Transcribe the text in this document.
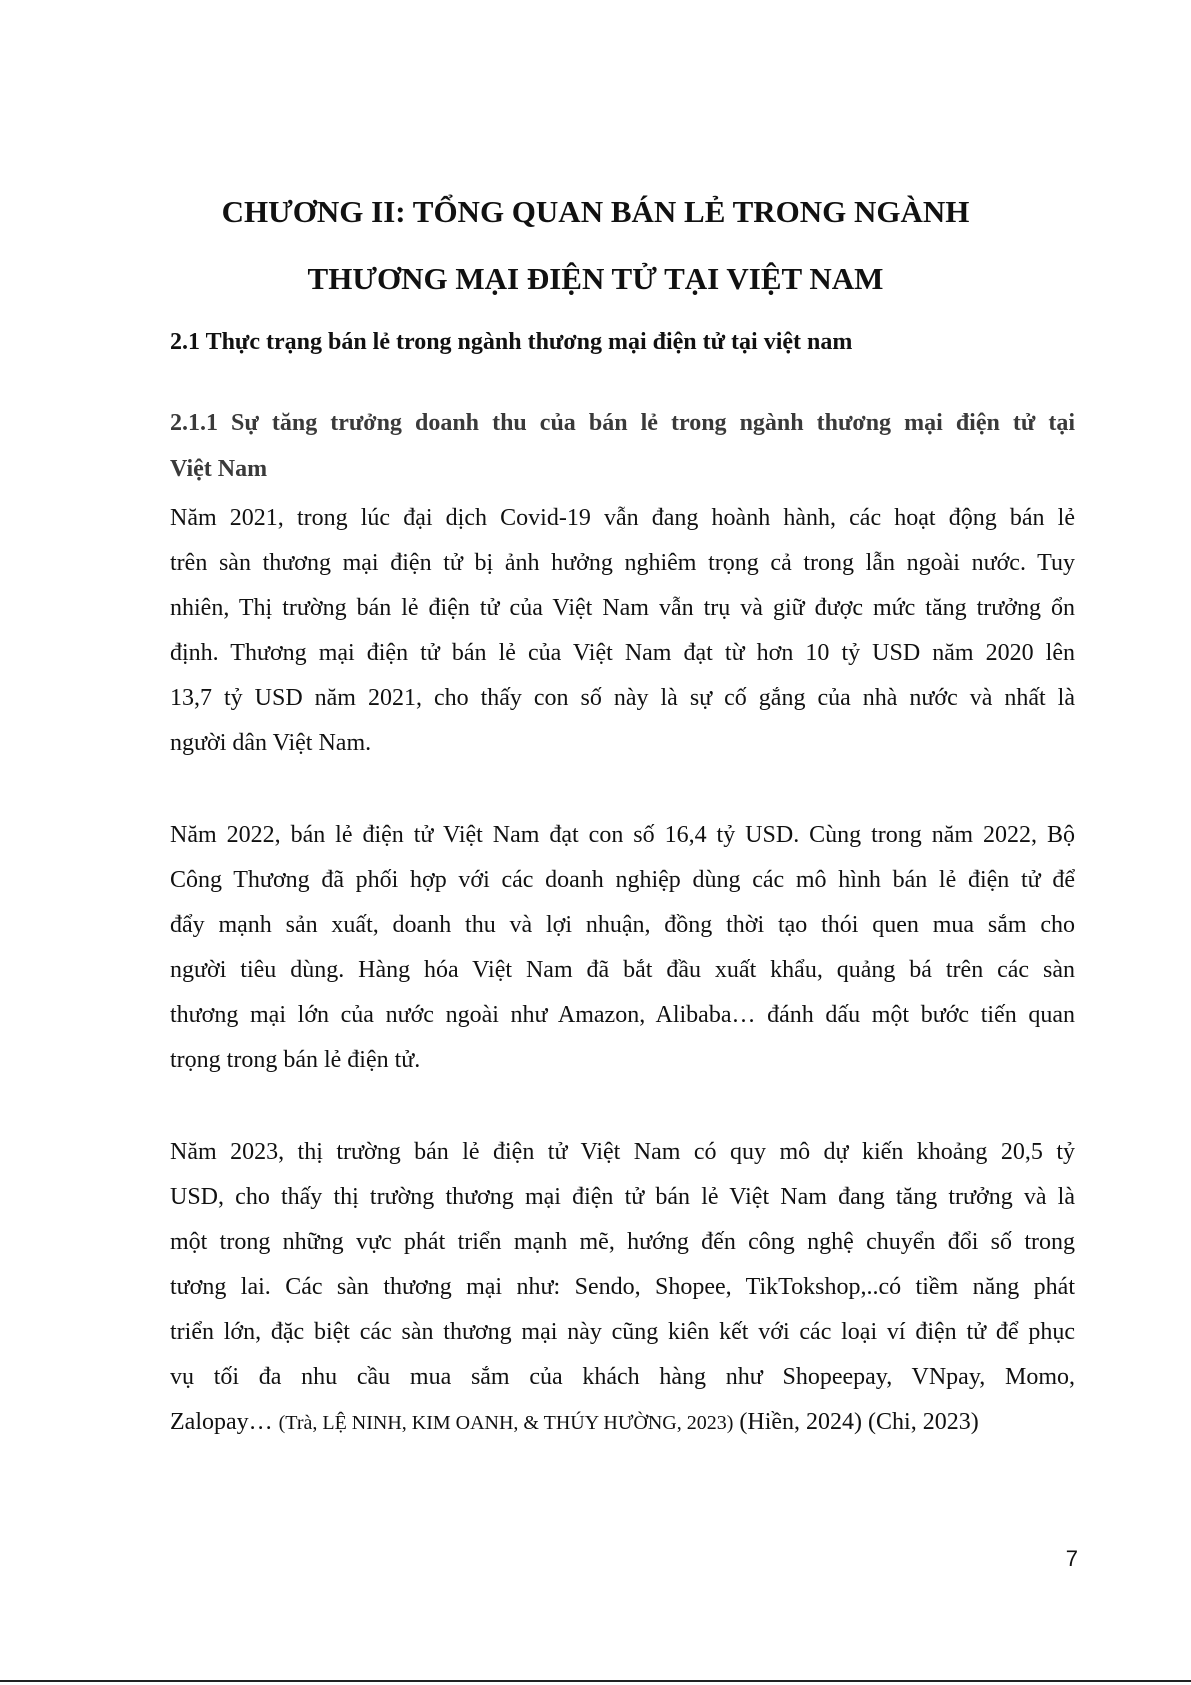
CHƯƠNG II: TỔNG QUAN BÁN LẺ TRONG NGÀNH
THƯƠNG MẠI ĐIỆN TỬ TẠI VIỆT NAM
2.1 Thực trạng bán lẻ trong ngành thương mại điện tử tại việt nam
2.1.1 Sự tăng trưởng doanh thu của bán lẻ trong ngành thương mại điện tử tại
Việt Nam

Năm 2021, trong lúc đại dịch Covid-19 vẫn đang hoành hành, các hoạt động bán lẻ
trên sàn thương mại điện tử bị ảnh hưởng nghiêm trọng cả trong lẫn ngoài nước. Tuy
nhiên, Thị trường bán lẻ điện tử của Việt Nam vẫn trụ và giữ được mức tăng trưởng ổn
định. Thương mại điện tử bán lẻ của Việt Nam đạt từ hơn 10 tỷ USD năm 2020 lên
13,7 tỷ USD năm 2021, cho thấy con số này là sự cố gắng của nhà nước và nhất là
người dân Việt Nam.

Năm 2022, bán lẻ điện tử Việt Nam đạt con số 16,4 tỷ USD. Cùng trong năm 2022, Bộ
Công Thương đã phối hợp với các doanh nghiệp dùng các mô hình bán lẻ điện tử để
đẩy mạnh sản xuất, doanh thu và lợi nhuận, đồng thời tạo thói quen mua sắm cho
người tiêu dùng. Hàng hóa Việt Nam đã bắt đầu xuất khẩu, quảng bá trên các sàn
thương mại lớn của nước ngoài như Amazon, Alibaba… đánh dấu một bước tiến quan
trọng trong bán lẻ điện tử.

Năm 2023, thị trường bán lẻ điện tử Việt Nam có quy mô dự kiến khoảng 20,5 tỷ
USD, cho thấy thị trường thương mại điện tử bán lẻ Việt Nam đang tăng trưởng và là
một trong những vực phát triển mạnh mẽ, hướng đến công nghệ chuyển đổi số trong
tương lai. Các sàn thương mại như: Sendo, Shopee, TikTokshop,..có tiềm năng phát
triển lớn, đặc biệt các sàn thương mại này cũng kiên kết với các loại ví điện tử để phục
vụ tối đa nhu cầu mua sắm của khách hàng như Shopeepay, VNpay, Momo,
Zalopay… (Trà, LỆ NINH, KIM OANH, & THÚY HƯỜNG, 2023) (Hiền, 2024) (Chi, 2023)

7
